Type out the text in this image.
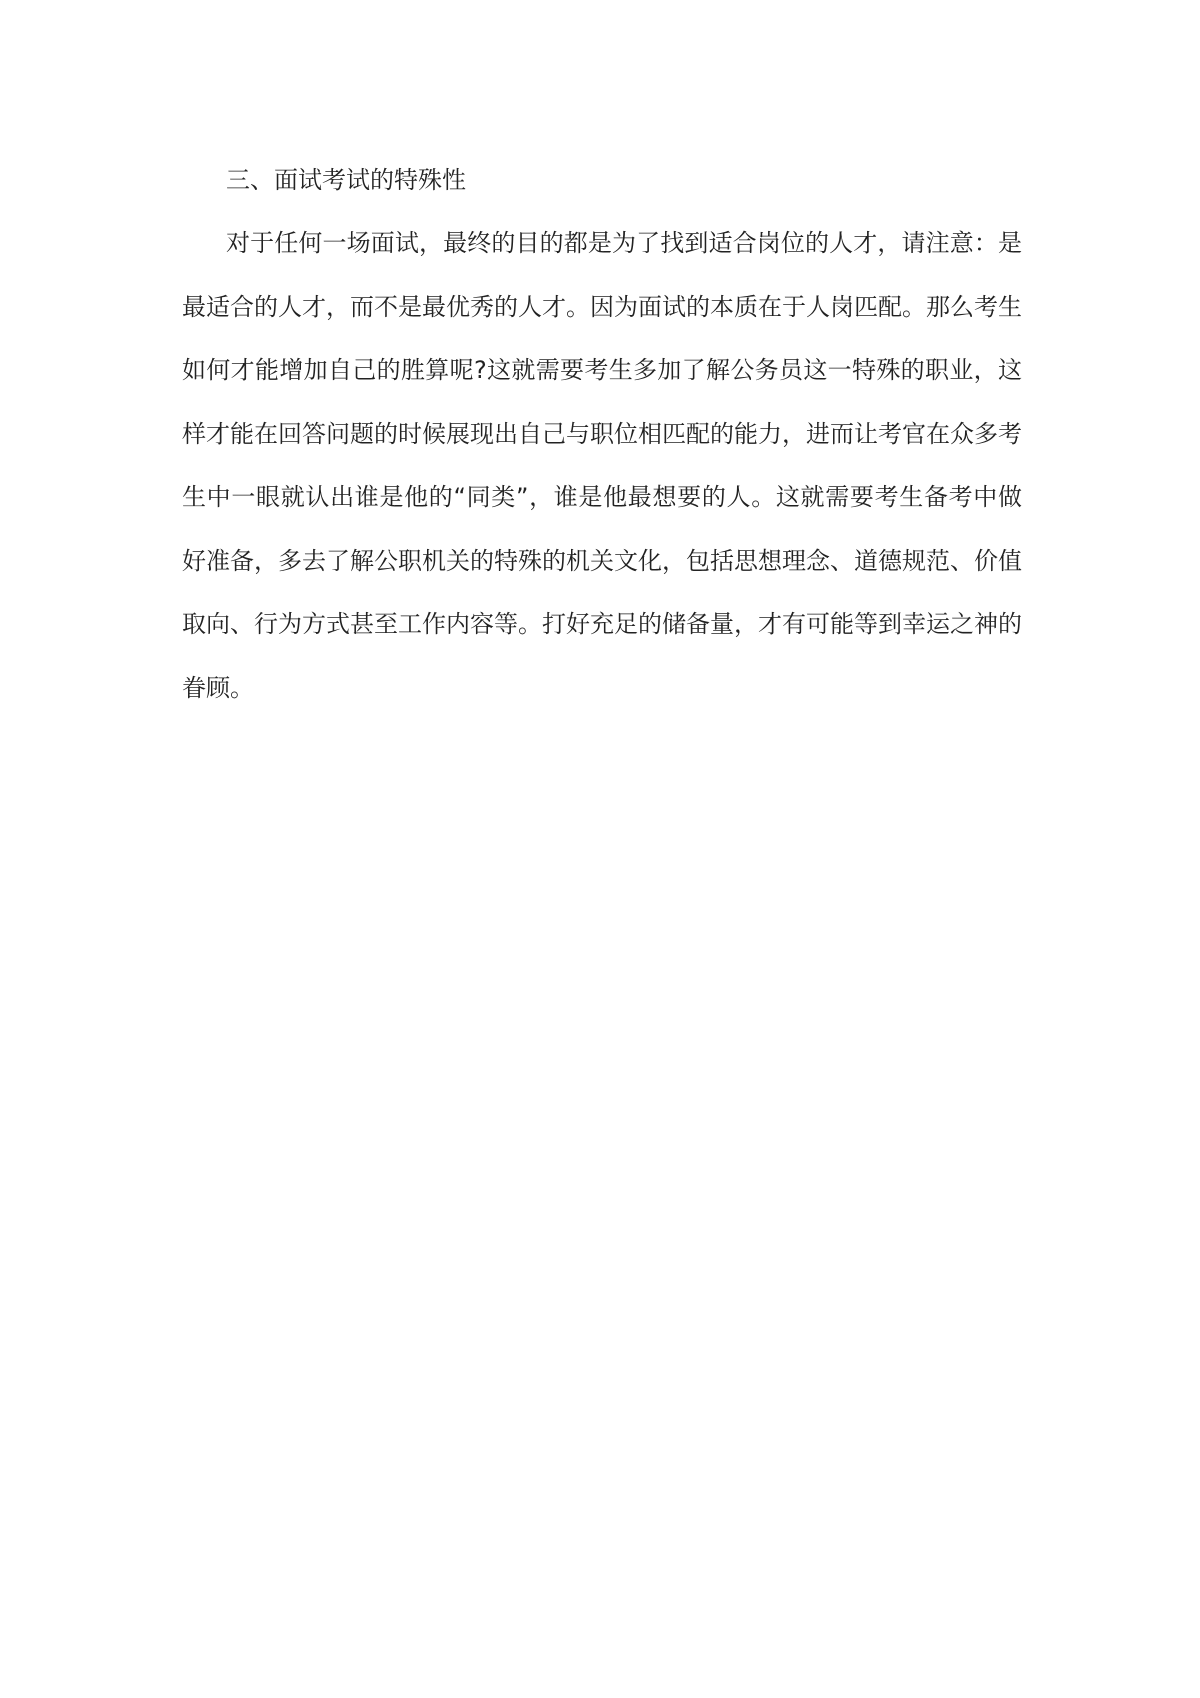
三、面试考试的特殊性

对于任何一场面试，最终的目的都是为了找到适合岗位的人才，请注意：是最适合的人才，而不是最优秀的人才。因为面试的本质在于人岗匹配。那么考生如何才能增加自己的胜算呢?这就需要考生多加了解公务员这一特殊的职业，这样才能在回答问题的时候展现出自己与职位相匹配的能力，进而让考官在众多考生中一眼就认出谁是他的“同类”，谁是他最想要的人。这就需要考生备考中做好准备，多去了解公职机关的特殊的机关文化，包括思想理念、道德规范、价值取向、行为方式甚至工作内容等。打好充足的储备量，才有可能等到幸运之神的眷顾。
